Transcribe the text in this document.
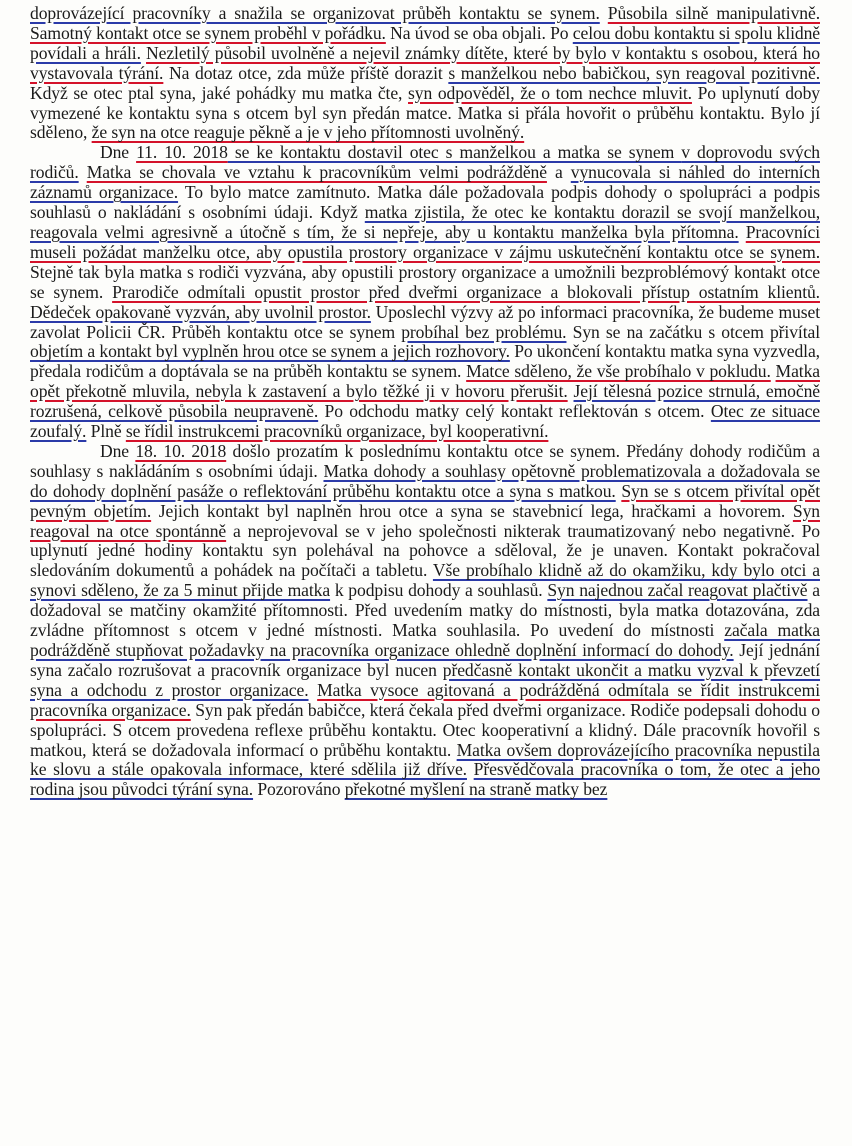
doprovázející pracovníky a snažila se organizovat průběh kontaktu se synem. Působila silně manipulativně. Samotný kontakt otce se synem proběhl v pořádku. Na úvod se oba objali. Po celou dobu kontaktu si spolu klidně povídali a hráli. Nezletilý působil uvolněně a nejevil známky dítěte, které by bylo v kontaktu s osobou, která ho vystavovala týrání. Na dotaz otce, zda může příště dorazit s manželkou nebo babičkou, syn reagoval pozitivně. Když se otec ptal syna, jaké pohádky mu matka čte, syn odpověděl, že o tom nechce mluvit. Po uplynutí doby vymezené ke kontaktu syna s otcem byl syn předán matce. Matka si přála hovořit o průběhu kontaktu. Bylo jí sděleno, že syn na otce reaguje pěkně a je v jeho přítomnosti uvolněný.

Dne 11. 10. 2018 se ke kontaktu dostavil otec s manželkou a matka se synem v doprovodu svých rodičů. Matka se chovala ve vztahu k pracovníkům velmi podrážděně a vynucovala si náhled do interních záznamů organizace. To bylo matce zamítnuto. Matka dále požadovala podpis dohody o spolupráci a podpis souhlasů o nakládání s osobními údaji. Když matka zjistila, že otec ke kontaktu dorazil se svojí manželkou, reagovala velmi agresivně a útočně s tím, že si nepřeje, aby u kontaktu manželka byla přítomna. Pracovníci museli požádat manželku otce, aby opustila prostory organizace v zájmu uskutečnění kontaktu otce se synem. Stejně tak byla matka s rodiči vyzvána, aby opustili prostory organizace a umožnili bezproblémový kontakt otce se synem. Prarodiče odmítali opustit prostor před dveřmi organizace a blokovali přístup ostatním klientů. Dědeček opakovaně vyzván, aby uvolnil prostor. Uposlechl výzvy až po informaci pracovníka, že budeme muset zavolat Policii ČR. Průběh kontaktu otce se synem probíhal bez problému. Syn se na začátku s otcem přivítal objetím a kontakt byl vyplněn hrou otce se synem a jejich rozhovory. Po ukončení kontaktu matka syna vyzvedla, předala rodičům a doptávala se na průběh kontaktu se synem. Matce sděleno, že vše probíhalo v pokludu. Matka opět překotně mluvila, nebyla k zastavení a bylo těžké ji v hovoru přerušit. Její tělesná pozice strnulá, emočně rozrušená, celkově působila neupraveně. Po odchodu matky celý kontakt reflektován s otcem. Otec ze situace zoufalý. Plně se řídil instrukcemi pracovníků organizace, byl kooperativní.

Dne 18. 10. 2018 došlo prozatím k poslednímu kontaktu otce se synem. Předány dohody rodičům a souhlasy s nakládáním s osobními údaji. Matka dohody a souhlasy opětovně problematizovala a dožadovala se do dohody doplnění pasáže o reflektování průběhu kontaktu otce a syna s matkou. Syn se s otcem přivítal opět pevným objetím. Jejich kontakt byl naplněn hrou otce a syna se stavebnicí lega, hračkami a hovorem. Syn reagoval na otce spontánně a neprojevoval se v jeho společnosti nikterak traumatizovaný nebo negativně. Po uplynutí jedné hodiny kontaktu syn polehával na pohovce a sděloval, že je unaven. Kontakt pokračoval sledováním dokumentů a pohádek na počítači a tabletu. Vše probíhalo klidně až do okamžiku, kdy bylo otci a synovi sděleno, že za 5 minut přijde matka k podpisu dohody a souhlasů. Syn najednou začal reagovat plačtivě a dožadoval se matčiny okamžité přítomnosti. Před uvedením matky do místnosti, byla matka dotazována, zda zvládne přítomnost s otcem v jedné místnosti. Matka souhlasila. Po uvedení do místnosti začala matka podrážděně stupňovat požadavky na pracovníka organizace ohledně doplnění informací do dohody. Její jednání syna začalo rozrušovat a pracovník organizace byl nucen předčasně kontakt ukončit a matku vyzval k převzetí syna a odchodu z prostor organizace. Matka vysoce agitovaná a podrážděná odmítala se řídit instrukcemi pracovníka organizace. Syn pak předán babičce, která čekala před dveřmi organizace. Rodiče podepsali dohodu o spolupráci. S otcem provedena reflexe průběhu kontaktu. Otec kooperativní a klidný. Dále pracovník hovořil s matkou, která se dožadovala informací o průběhu kontaktu. Matka ovšem doprovázejícího pracovníka nepustila ke slovu a stále opakovala informace, které sdělila již dříve. Přesvědčovala pracovníka o tom, že otec a jeho rodina jsou původci týrání syna. Pozorováno překotné myšlení na straně matky bez
